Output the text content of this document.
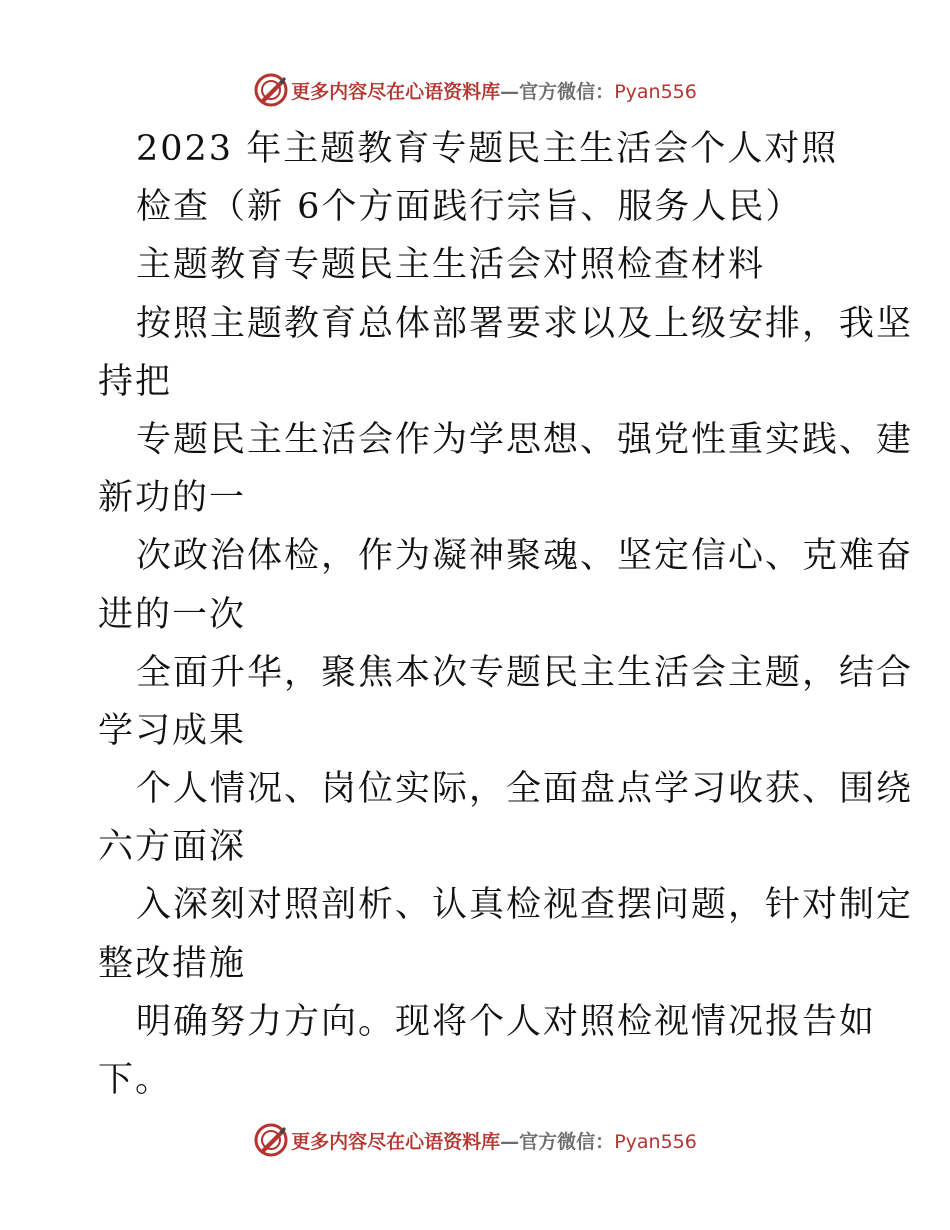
更多内容尽在心语资料库—官方微信：Pyan556
2023 年主题教育专题民主生活会个人对照
检查（新 6个方面践行宗旨、服务人民）
主题教育专题民主生活会对照检查材料
按照主题教育总体部署要求以及上级安排，我坚
持把
专题民主生活会作为学思想、强党性重实践、建
新功的一
次政治体检，作为凝神聚魂、坚定信心、克难奋
进的一次
全面升华，聚焦本次专题民主生活会主题，结合
学习成果
个人情况、岗位实际，全面盘点学习收获、围绕
六方面深
入深刻对照剖析、认真检视查摆问题，针对制定
整改措施
明确努力方向。现将个人对照检视情况报告如
下。
更多内容尽在心语资料库—官方微信：Pyan556
